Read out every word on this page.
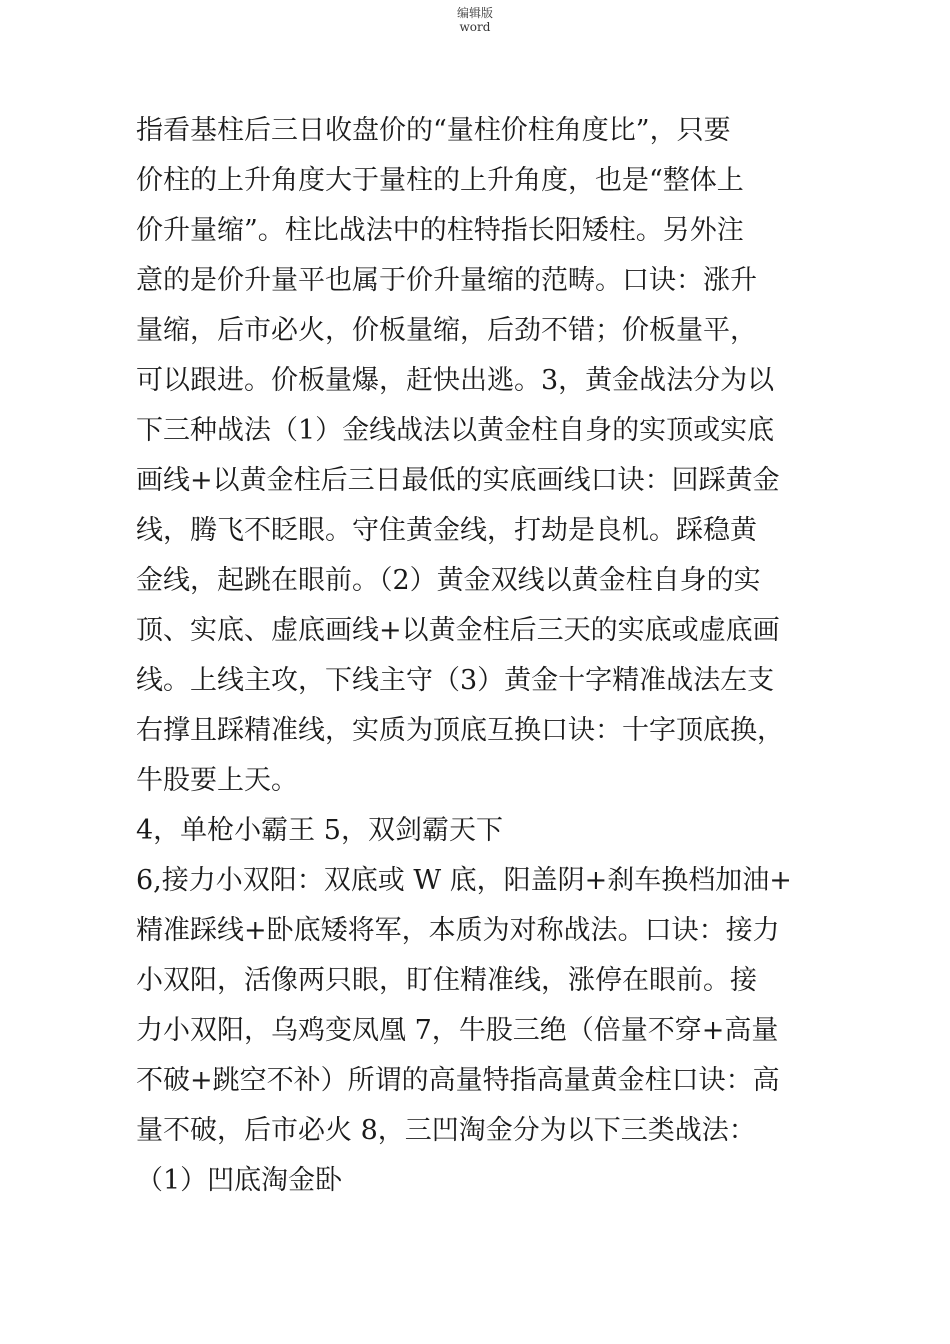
编辑版
word
指看基柱后三日收盘价的“量柱价柱角度比”，只要
价柱的上升角度大于量柱的上升角度，也是“整体上
价升量缩”。柱比战法中的柱特指长阳矮柱。另外注
意的是价升量平也属于价升量缩的范畴。口诀：涨升
量缩，后市必火，价板量缩，后劲不错；价板量平，
可以跟进。价板量爆，赶快出逃。3，黄金战法分为以
下三种战法（1）金线战法以黄金柱自身的实顶或实底
画线+以黄金柱后三日最低的实底画线口诀：回踩黄金
线，腾飞不眨眼。守住黄金线，打劫是良机。踩稳黄
金线，起跳在眼前。（2）黄金双线以黄金柱自身的实
顶、实底、虚底画线+以黄金柱后三天的实底或虚底画
线。上线主攻，下线主守（3）黄金十字精准战法左支
右撑且踩精准线，实质为顶底互换口诀：十字顶底换，
牛股要上天。
4，单枪小霸王 5，双剑霸天下
6,接力小双阳：双底或 W 底，阳盖阴+刹车换档加油+
精准踩线+卧底矮将军，本质为对称战法。口诀：接力
小双阳，活像两只眼，盯住精准线，涨停在眼前。接
力小双阳，乌鸡变凤凰 7，牛股三绝（倍量不穿+高量
不破+跳空不补）所谓的高量特指高量黄金柱口诀：高
量不破，后市必火 8，三凹淘金分为以下三类战法：
（1）凹底淘金卧
